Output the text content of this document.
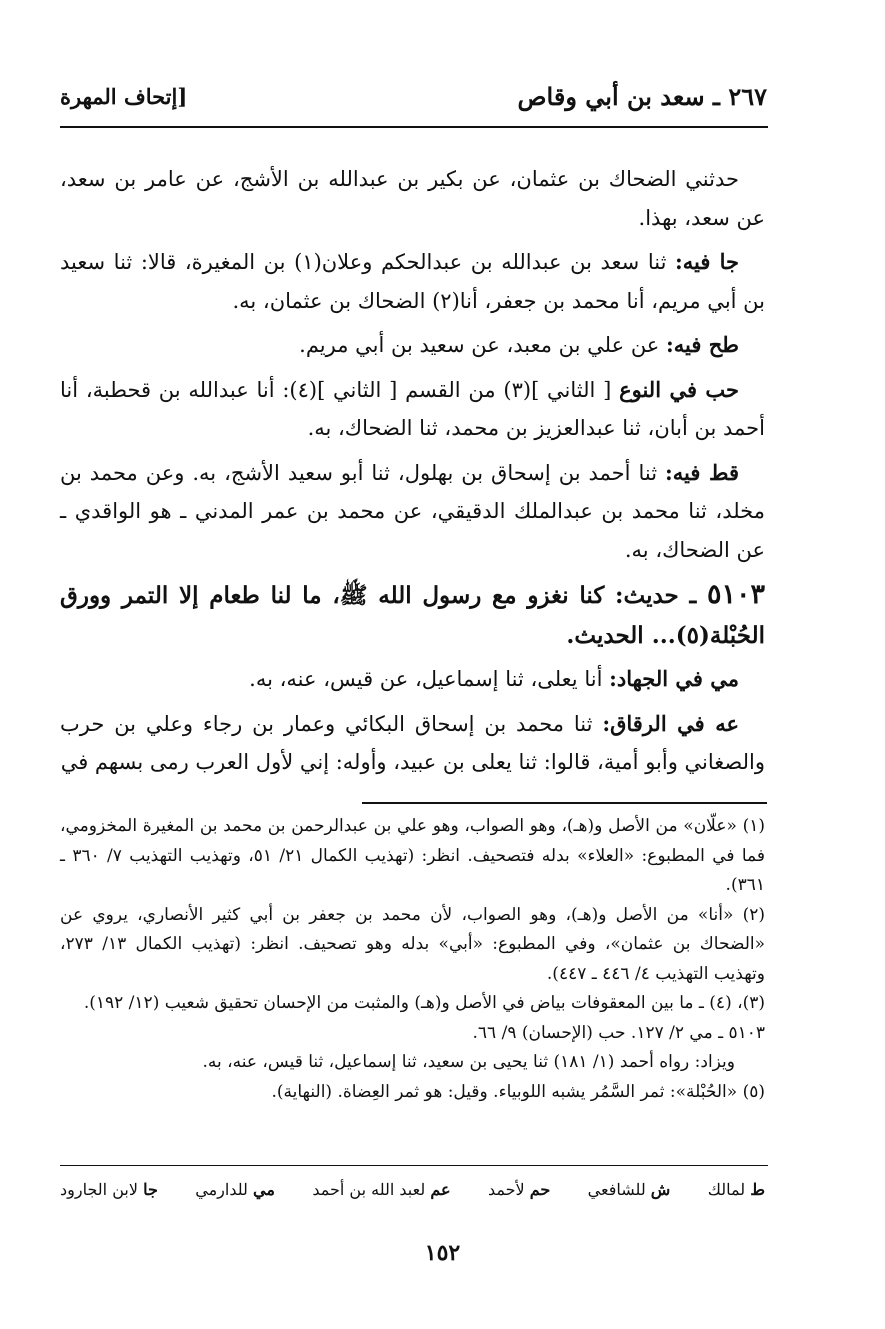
٢٦٧ ـ سعد بن أبي وقاص
[إتحاف المهرة

حدثني الضحاك بن عثمان، عن بكير بن عبدالله بن الأشج، عن عامر بن سعد، عن سعد، بهذا.

جا فيه: ثنا سعد بن عبدالله بن عبدالحكم وعلان(١) بن المغيرة، قالا: ثنا سعيد بن أبي مريم، أنا محمد بن جعفر، أنا(٢) الضحاك بن عثمان، به.

طح فيه: عن علي بن معبد، عن سعيد بن أبي مريم.

حب في النوع [ الثاني ](٣) من القسم [ الثاني ](٤): أنا عبدالله بن قحطبة، أنا أحمد بن أبان، ثنا عبدالعزيز بن محمد، ثنا الضحاك، به.

قط فيه: ثنا أحمد بن إسحاق بن بهلول، ثنا أبو سعيد الأشج، به. وعن محمد بن مخلد، ثنا محمد بن عبدالملك الدقيقي، عن محمد بن عمر المدني ـ هو الواقدي ـ عن الضحاك، به.

٥١٠٣ ـ حديث: كنا نغزو مع رسول الله ﷺ، ما لنا طعام إلا التمر وورق الحُبْلة(٥)... الحديث.

مي في الجهاد: أنا يعلى، ثنا إسماعيل، عن قيس، عنه، به.

عه في الرقاق: ثنا محمد بن إسحاق البكائي وعمار بن رجاء وعلي بن حرب والصغاني وأبو أمية، قالوا: ثنا يعلى بن عبيد، وأوله: إني لأول العرب رمى بسهم في

(١) «علّان» من الأصل و(هـ)، وهو الصواب، وهو علي بن عبدالرحمن بن محمد بن المغيرة المخزومي، فما في المطبوع: «العلاء» بدله فتصحيف. انظر: (تهذيب الكمال ٢١/ ٥١، وتهذيب التهذيب ٧/ ٣٦٠ ـ ٣٦١).

(٢) «أنا» من الأصل و(هـ)، وهو الصواب، لأن محمد بن جعفر بن أبي كثير الأنصاري، يروي عن «الضحاك بن عثمان»، وفي المطبوع: «أبي» بدله وهو تصحيف. انظر: (تهذيب الكمال ١٣/ ٢٧٣، وتهذيب التهذيب ٤/ ٤٤٦ ـ ٤٤٧).

(٣)، (٤) ـ ما بين المعقوفات بياض في الأصل و(هـ) والمثبت من الإحسان تحقيق شعيب (١٢/ ١٩٢).

٥١٠٣ ـ مي ٢/ ١٢٧. حب (الإحسان) ٩/ ٦٦.

ويزاد: رواه أحمد (١/ ١٨١) ثنا يحيى بن سعيد، ثنا إسماعيل، ثنا قيس، عنه، به.

(٥) «الحُبْلة»: ثمر السَّمُر يشبه اللوبياء. وقيل: هو ثمر العِضاة. (النهاية).

ط لمالك
ش للشافعي
حم لأحمد
عم لعبد الله بن أحمد
مي للدارمي
جا لابن الجارود
١٥٢
